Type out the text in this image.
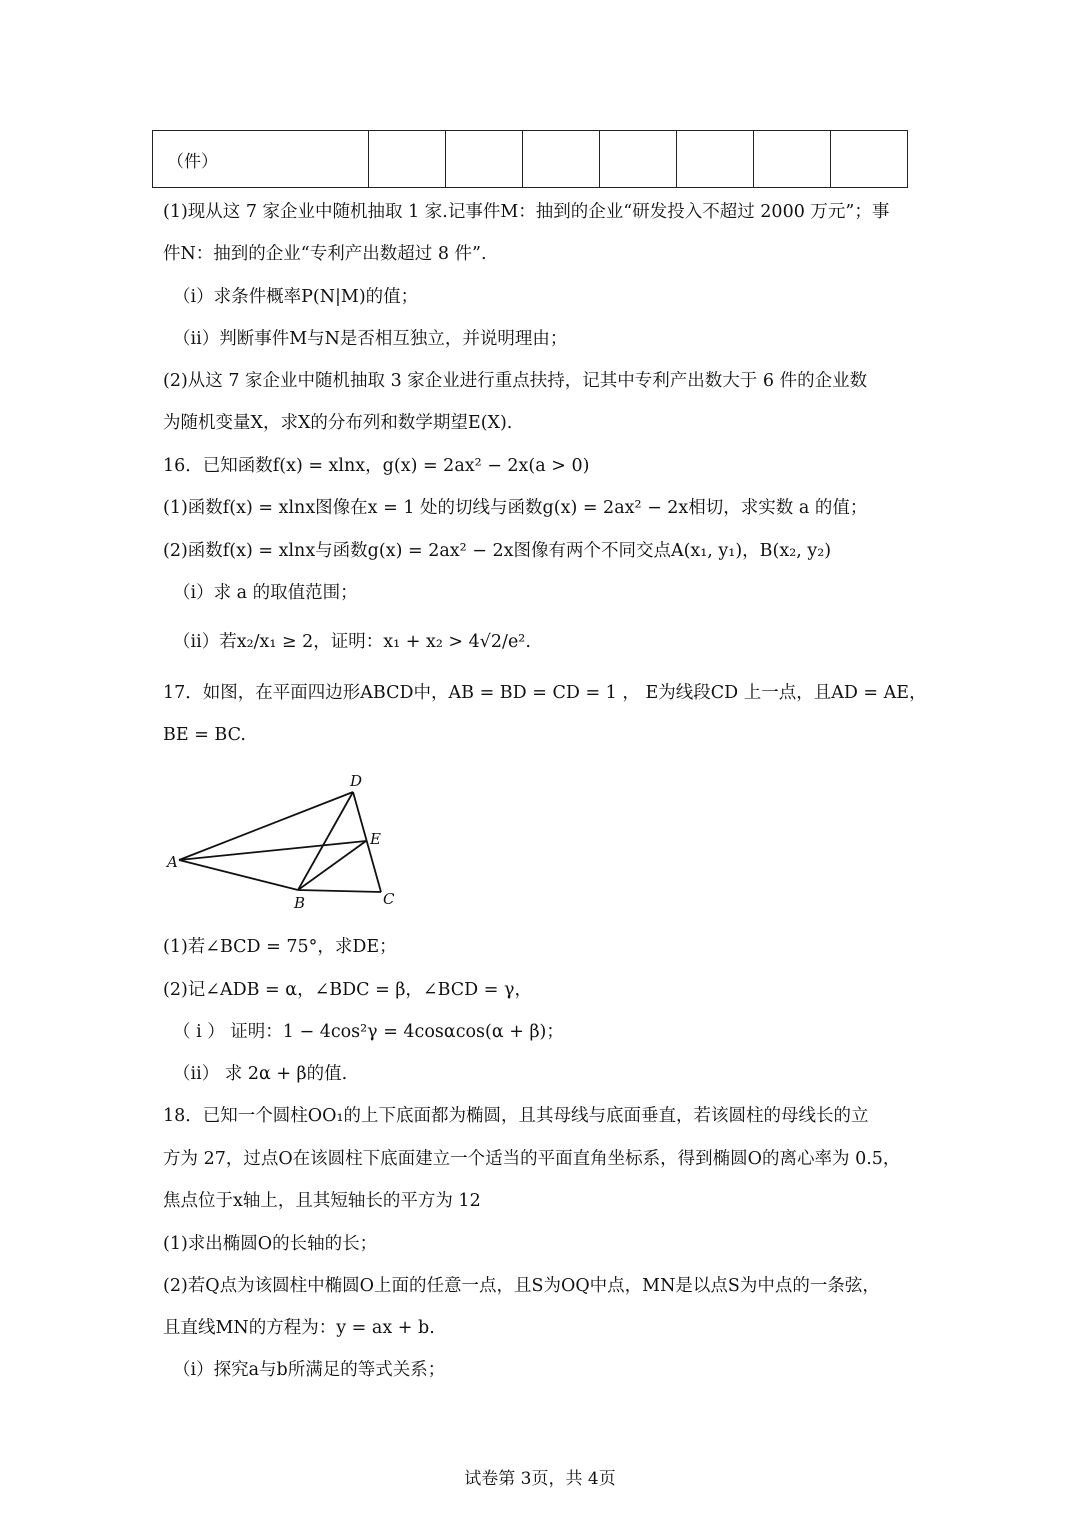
（件）							
(1)现从这 7 家企业中随机抽取 1 家.记事件M：抽到的企业“研发投入不超过 2000 万元”；事
件N：抽到的企业“专利产出数超过 8 件”.
（i）求条件概率P(N|M)的值；
（ii）判断事件M与N是否相互独立，并说明理由；
(2)从这 7 家企业中随机抽取 3 家企业进行重点扶持，记其中专利产出数大于 6 件的企业数
为随机变量X，求X的分布列和数学期望E(X).
16．已知函数f(x) = xlnx，g(x) = 2ax² − 2x(a > 0)
(1)函数f(x) = xlnx图像在x = 1 处的切线与函数g(x) = 2ax² − 2x相切，求实数 a 的值；
(2)函数f(x) = xlnx与函数g(x) = 2ax² − 2x图像有两个不同交点A(x₁, y₁)，B(x₂, y₂)
（i）求 a 的取值范围；
（ii）若x₂/x₁ ≥ 2，证明：x₁ + x₂ > 4√2/e².
17．如图，在平面四边形ABCD中，AB = BD = CD = 1 ， E为线段CD 上一点，且AD = AE，
BE = BC.
A
B	C
D
E
(1)若∠BCD = 75°，求DE；
(2)记∠ADB = α，∠BDC = β，∠BCD = γ，
（ i ） 证明：1 − 4cos²γ = 4cosαcos(α + β)；
（ii） 求 2α + β的值.
18．已知一个圆柱OO₁的上下底面都为椭圆，且其母线与底面垂直，若该圆柱的母线长的立
方为 27，过点O在该圆柱下底面建立一个适当的平面直角坐标系，得到椭圆O的离心率为 0.5，
焦点位于x轴上，且其短轴长的平方为 12
(1)求出椭圆O的长轴的长；
(2)若Q点为该圆柱中椭圆O上面的任意一点，且S为OQ中点，MN是以点S为中点的一条弦，
且直线MN的方程为：y = ax + b.
（i）探究a与b所满足的等式关系；
试卷第 3页，共 4页
